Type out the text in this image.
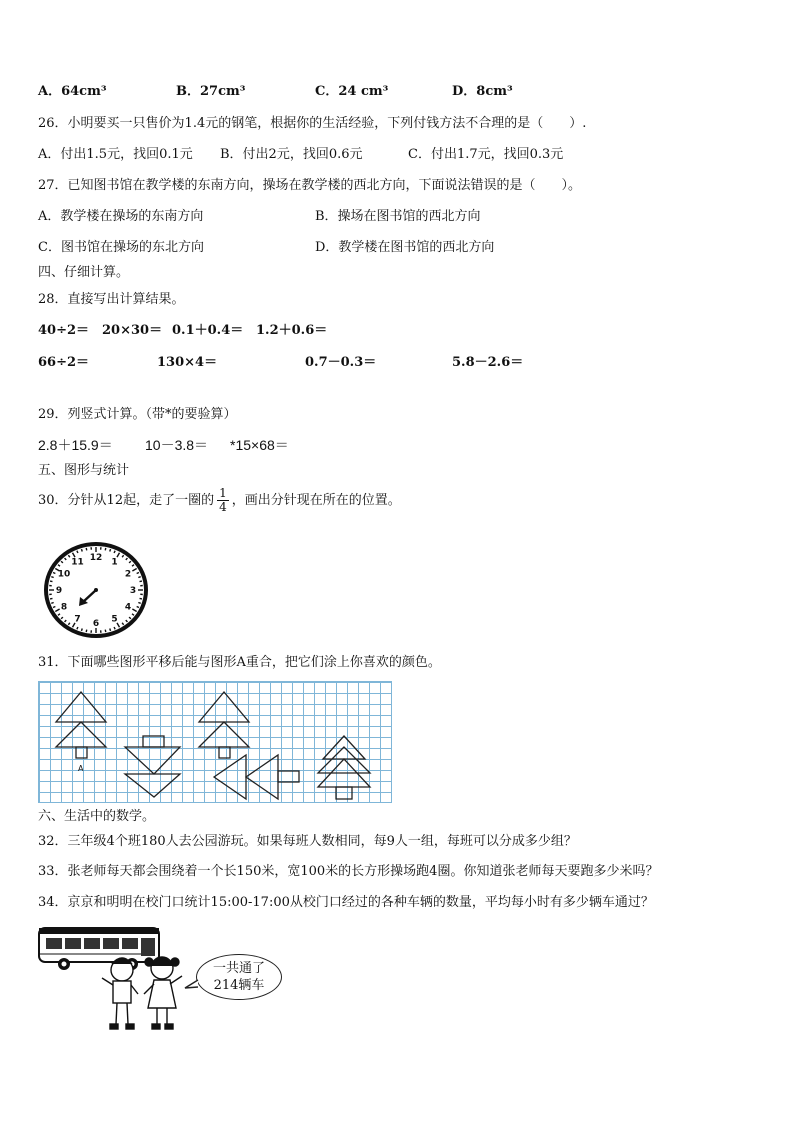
A．64cm³	B．27cm³	C．24 cm³	D．8cm³
26．小明要买一只售价为1.4元的钢笔，根据你的生活经验，下列付钱方法不合理的是（　　）.
A．付出1.5元，找回0.1元 B．付出2元，找回0.6元	C．付出1.7元，找回0.3元
27．已知图书馆在教学楼的东南方向，操场在教学楼的西北方向，下面说法错误的是（　　）。
A．教学楼在操场的东南方向	B．操场在图书馆的西北方向
C．图书馆在操场的东北方向	D．教学楼在图书馆的西北方向
四、仔细计算。
28．直接写出计算结果。
40÷2＝ 20×30＝ 0.1＋0.4＝ 1.2＋0.6＝
66÷2＝	130×4＝	0.7－0.3＝	5.8－2.6＝
29．列竖式计算。（带*的要验算）
2.8＋15.9＝ 10－3.8＝ *15×68＝
五、图形与统计
30．分针从12起，走了一圈的 $\frac{1}{4}$ ，画出分针现在所在的位置。
12 1
2
3
4
5
6
7
8
9
10
11
31．下面哪些图形平移后能与图形A重合，把它们涂上你喜欢的颜色。
A
六、生活中的数学。
32．三年级4个班180人去公园游玩。如果每班人数相同，每9人一组，每班可以分成多少组？
33．张老师每天都会围绕着一个长150米，宽100米的长方形操场跑4圈。你知道张老师每天要跑多少米吗？
34．京京和明明在校门口统计15:00-17:00从校门口经过的各种车辆的数量，平均每小时有多少辆车通过？
一共通了
214辆车
